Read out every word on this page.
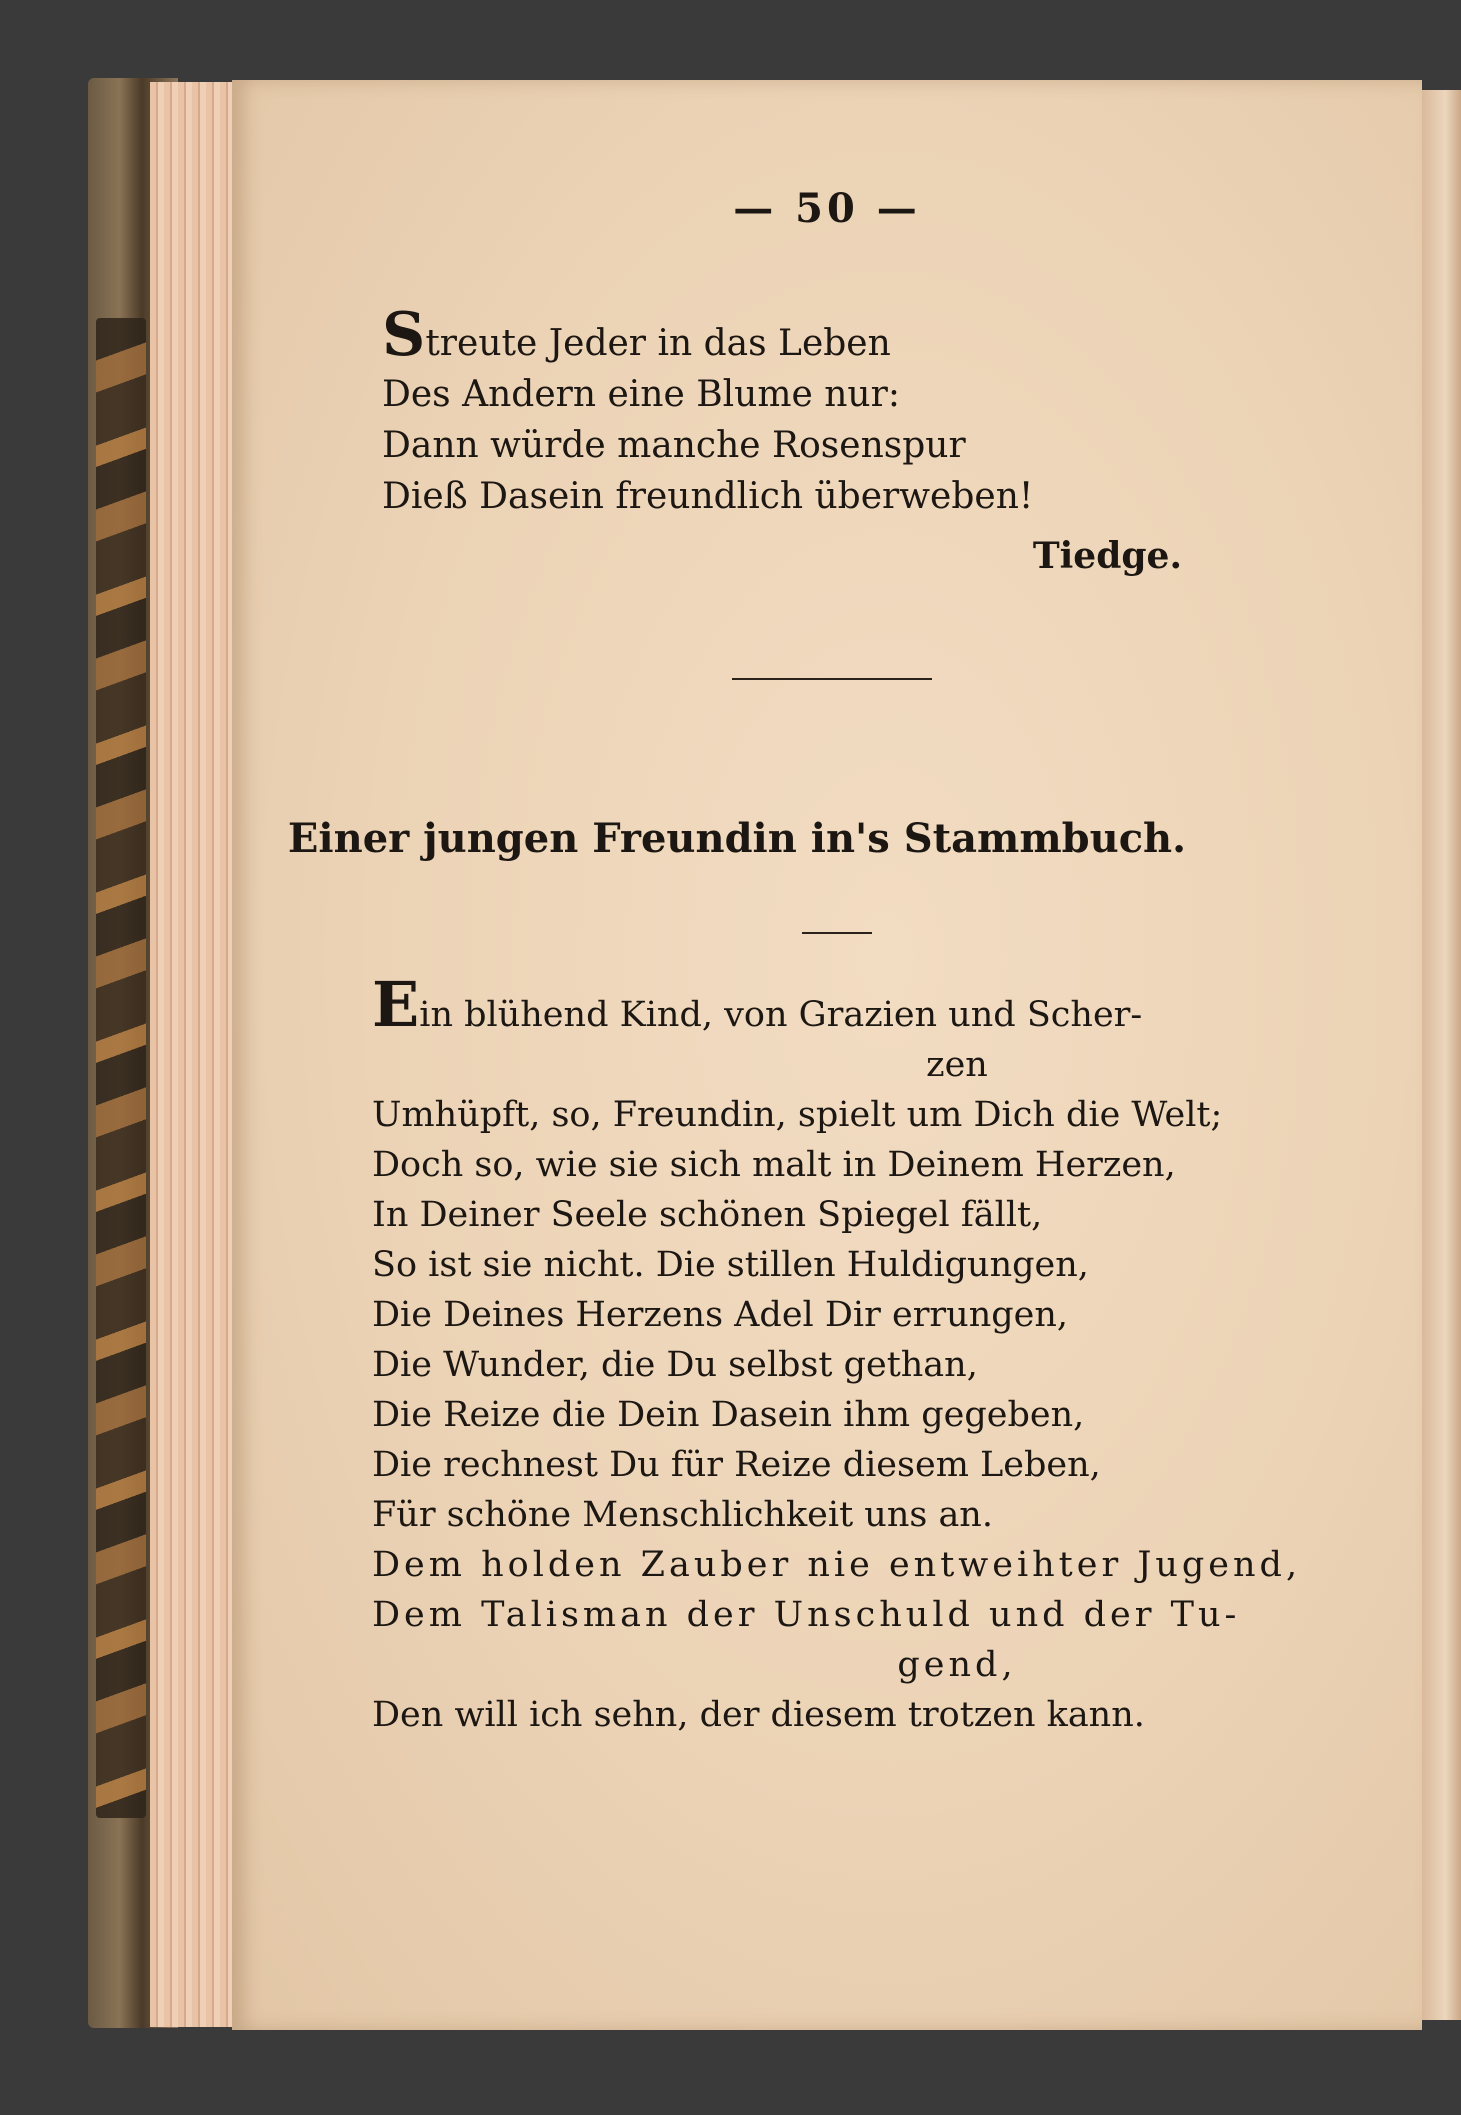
— 50 —
Streute Jeder in das Leben
Des Andern eine Blume nur:
Dann würde manche Rosenspur
Dieß Dasein freundlich überweben!
Tiedge.
Einer jungen Freundin in's Stammbuch.
Ein blühend Kind, von Grazien und Scher-
zen
Umhüpft, so, Freundin, spielt um Dich die Welt;
Doch so, wie sie sich malt in Deinem Herzen,
In Deiner Seele schönen Spiegel fällt,
So ist sie nicht. Die stillen Huldigungen,
Die Deines Herzens Adel Dir errungen,
Die Wunder, die Du selbst gethan,
Die Reize die Dein Dasein ihm gegeben,
Die rechnest Du für Reize diesem Leben,
Für schöne Menschlichkeit uns an.
Dem holden Zauber nie entweihter Jugend,
Dem Talisman der Unschuld und der Tu-
gend,
Den will ich sehn, der diesem trotzen kann.
